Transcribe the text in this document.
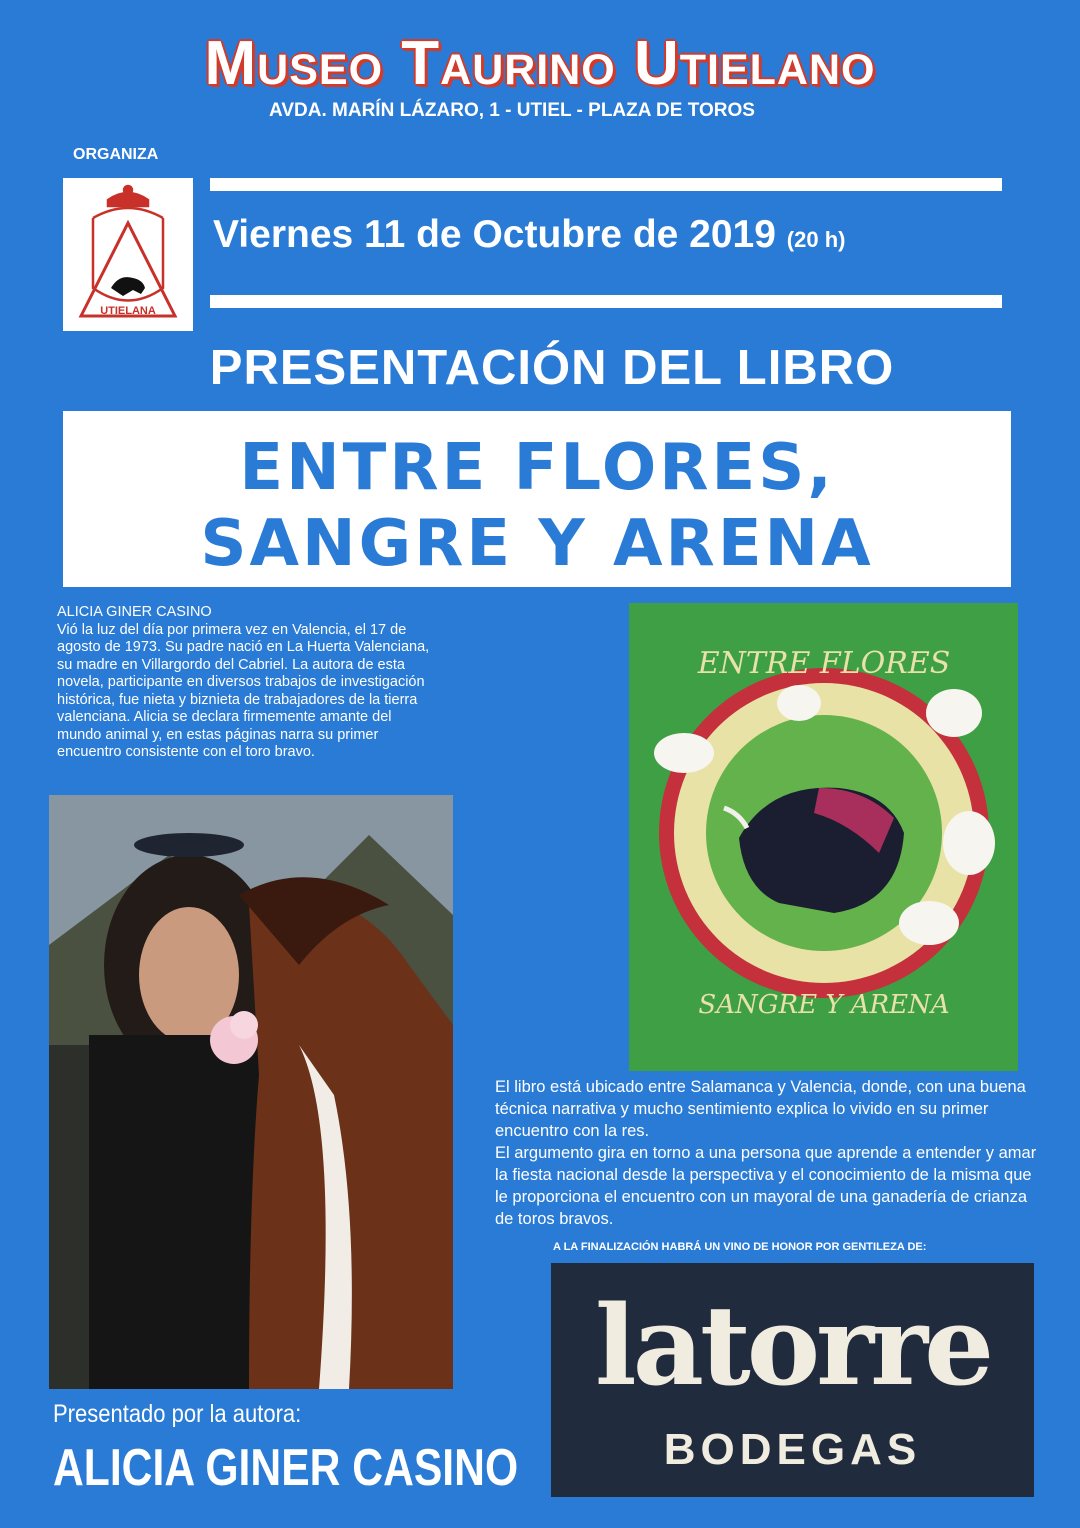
Museo Taurino Utielano
AVDA. MARÍN LÁZARO, 1 - UTIEL - PLAZA DE TOROS
ORGANIZA
UTIELANA
Viernes 11 de Octubre de 2019 (20 h)
PRESENTACIÓN DEL LIBRO
ENTRE FLORES,
SANGRE Y ARENA
ALICIA GINER CASINO
Vió la luz del día por primera vez en Valencia, el 17 de agosto de 1973. Su padre nació en La Huerta Valenciana, su madre en Villargordo del Cabriel. La autora de esta novela, participante en diversos trabajos de investigación histórica, fue nieta y biznieta de trabajadores de la tierra valenciana. Alicia se declara firmemente amante del mundo animal y, en estas páginas narra su primer encuentro consistente con el toro bravo.
ENTRE FLORES
SANGRE Y ARENA
El libro está ubicado entre Salamanca y Valencia, donde, con una buena técnica narrativa y mucho sentimiento explica lo vivido en su primer encuentro con la res.
El argumento gira en torno a una persona que aprende a entender y amar la fiesta nacional desde la perspectiva y el conocimiento de la misma que le proporciona el encuentro con un mayoral de una ganadería de crianza de toros bravos.
A LA FINALIZACIÓN HABRÁ UN VINO DE HONOR POR GENTILEZA DE:
latorre
BODEGAS
Presentado por la autora:
ALICIA GINER CASINO
